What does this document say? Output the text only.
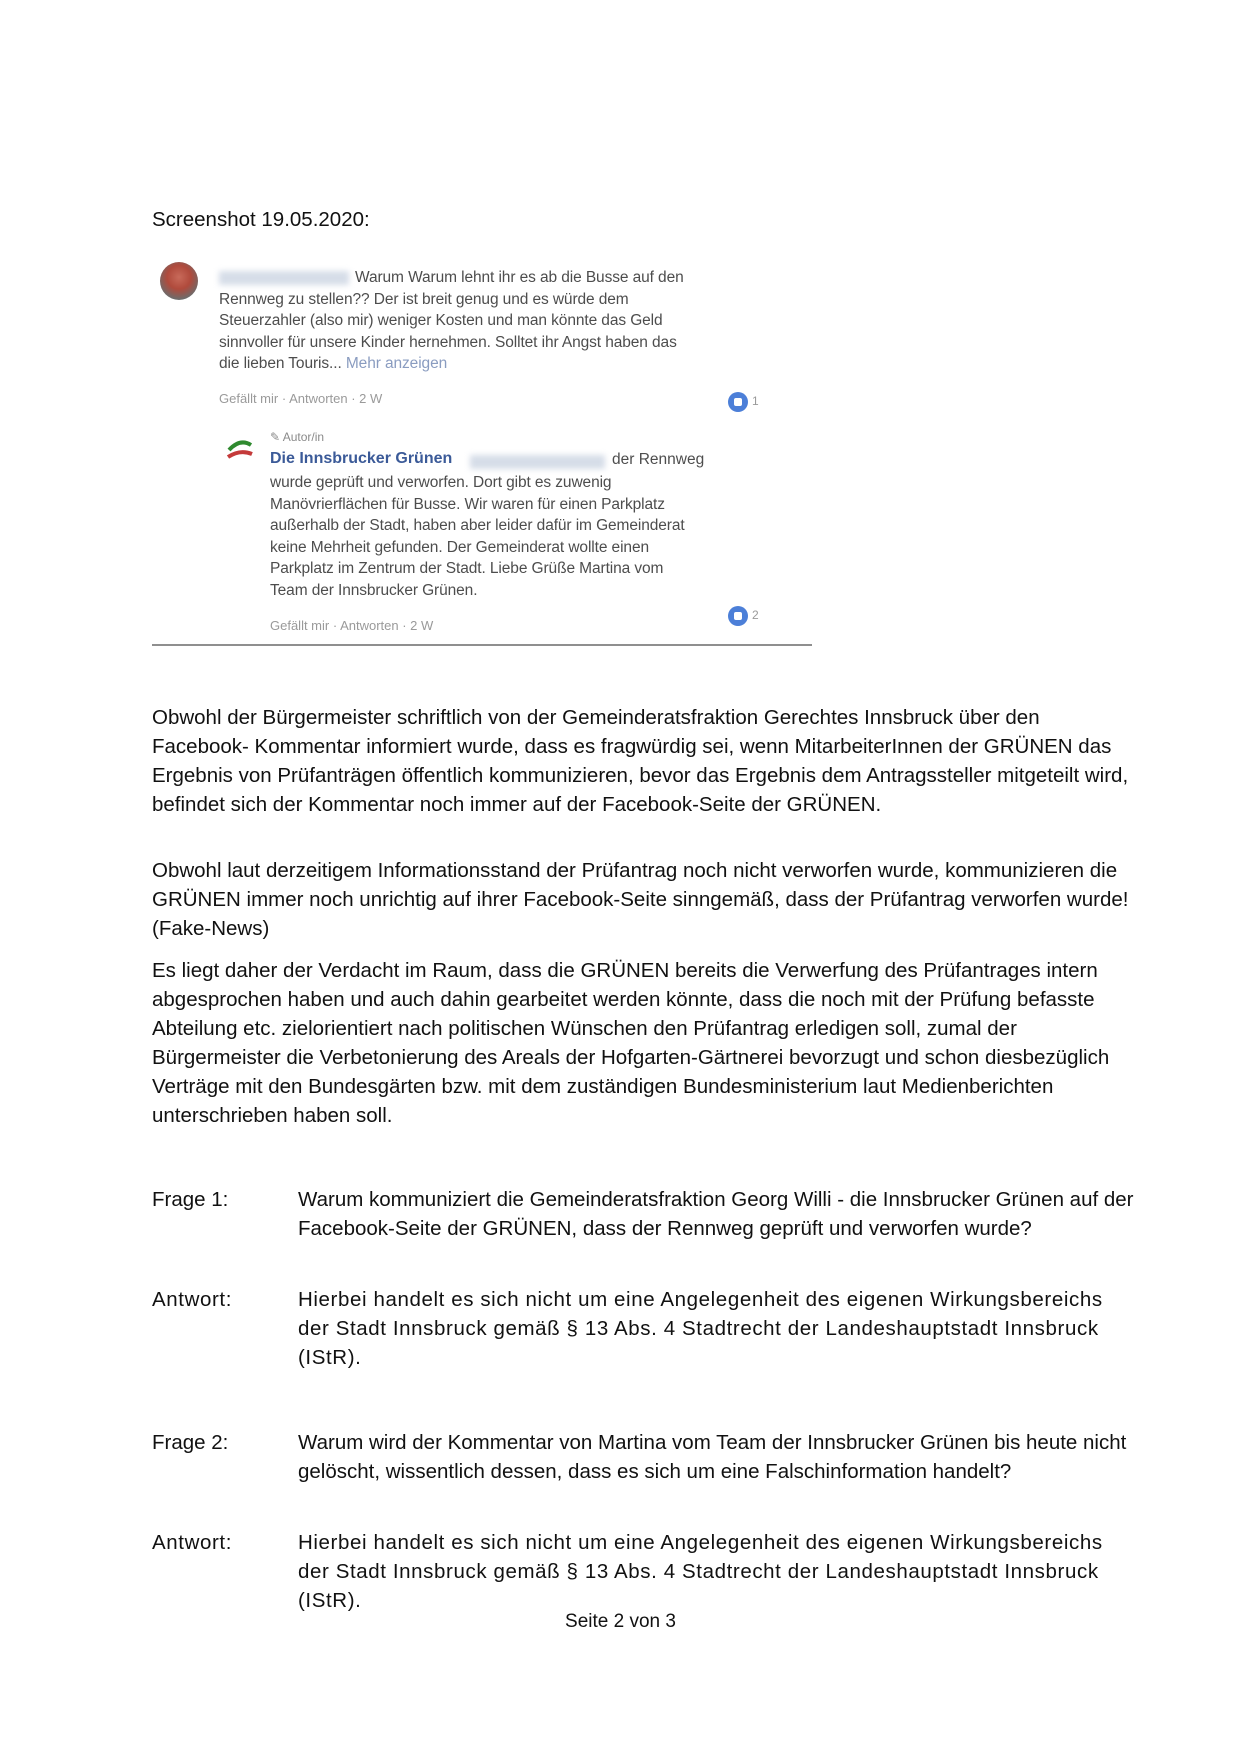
Screenshot 19.05.2020:
Warum Warum lehnt ihr es ab die Busse auf den
Rennweg zu stellen?? Der ist breit genug und es würde dem
Steuerzahler (also mir) weniger Kosten und man könnte das Geld
sinnvoller für unsere Kinder hernehmen. Solltet ihr Angst haben das
die lieben Touris... Mehr anzeigen
Gefällt mir · Antworten · 2 W	1
✎ Autor/in
Die Innsbrucker Grünen	der Rennweg
wurde geprüft und verworfen. Dort gibt es zuwenig
Manövrierflächen für Busse. Wir waren für einen Parkplatz
außerhalb der Stadt, haben aber leider dafür im Gemeinderat
keine Mehrheit gefunden. Der Gemeinderat wollte einen
Parkplatz im Zentrum der Stadt. Liebe Grüße Martina vom
Team der Innsbrucker Grünen.
Gefällt mir · Antworten · 2 W
2
Obwohl der Bürgermeister schriftlich von der Gemeinderatsfraktion Gerechtes Innsbruck über den Facebook- Kommentar informiert wurde, dass es fragwürdig sei, wenn MitarbeiterInnen der GRÜNEN das Ergebnis von Prüfanträgen öffentlich kommunizieren, bevor das Ergebnis dem Antragssteller mitgeteilt wird, befindet sich der Kommentar noch immer auf der Facebook-Seite der GRÜNEN.
Obwohl laut derzeitigem Informationsstand der Prüfantrag noch nicht verworfen wurde, kommunizieren die GRÜNEN immer noch unrichtig auf ihrer Facebook-Seite sinngemäß, dass der Prüfantrag verworfen wurde! (Fake-News)
Es liegt daher der Verdacht im Raum, dass die GRÜNEN bereits die Verwerfung des Prüfantrages intern abgesprochen haben und auch dahin gearbeitet werden könnte, dass die noch mit der Prüfung befasste Abteilung etc. zielorientiert nach politischen Wünschen den Prüfantrag erledigen soll, zumal der Bürgermeister die Verbetonierung des Areals der Hofgarten-Gärtnerei bevorzugt und schon diesbezüglich Verträge mit den Bundesgärten bzw. mit dem zuständigen Bundesministerium laut Medienberichten unterschrieben haben soll.
Frage 1:	Warum kommuniziert die Gemeinderatsfraktion Georg Willi - die Innsbrucker Grünen auf der Facebook-Seite der GRÜNEN, dass der Rennweg geprüft und verworfen wurde?
Antwort:	Hierbei handelt es sich nicht um eine Angelegenheit des eigenen Wirkungsbereichs der Stadt Innsbruck gemäß § 13 Abs. 4 Stadtrecht der Landeshauptstadt Innsbruck (IStR).
Frage 2:	Warum wird der Kommentar von Martina vom Team der Innsbrucker Grünen bis heute nicht gelöscht, wissentlich dessen, dass es sich um eine Falschinformation handelt?
Antwort:	Hierbei handelt es sich nicht um eine Angelegenheit des eigenen Wirkungsbereichs der Stadt Innsbruck gemäß § 13 Abs. 4 Stadtrecht der Landeshauptstadt Innsbruck (IStR).
Seite 2 von 3
